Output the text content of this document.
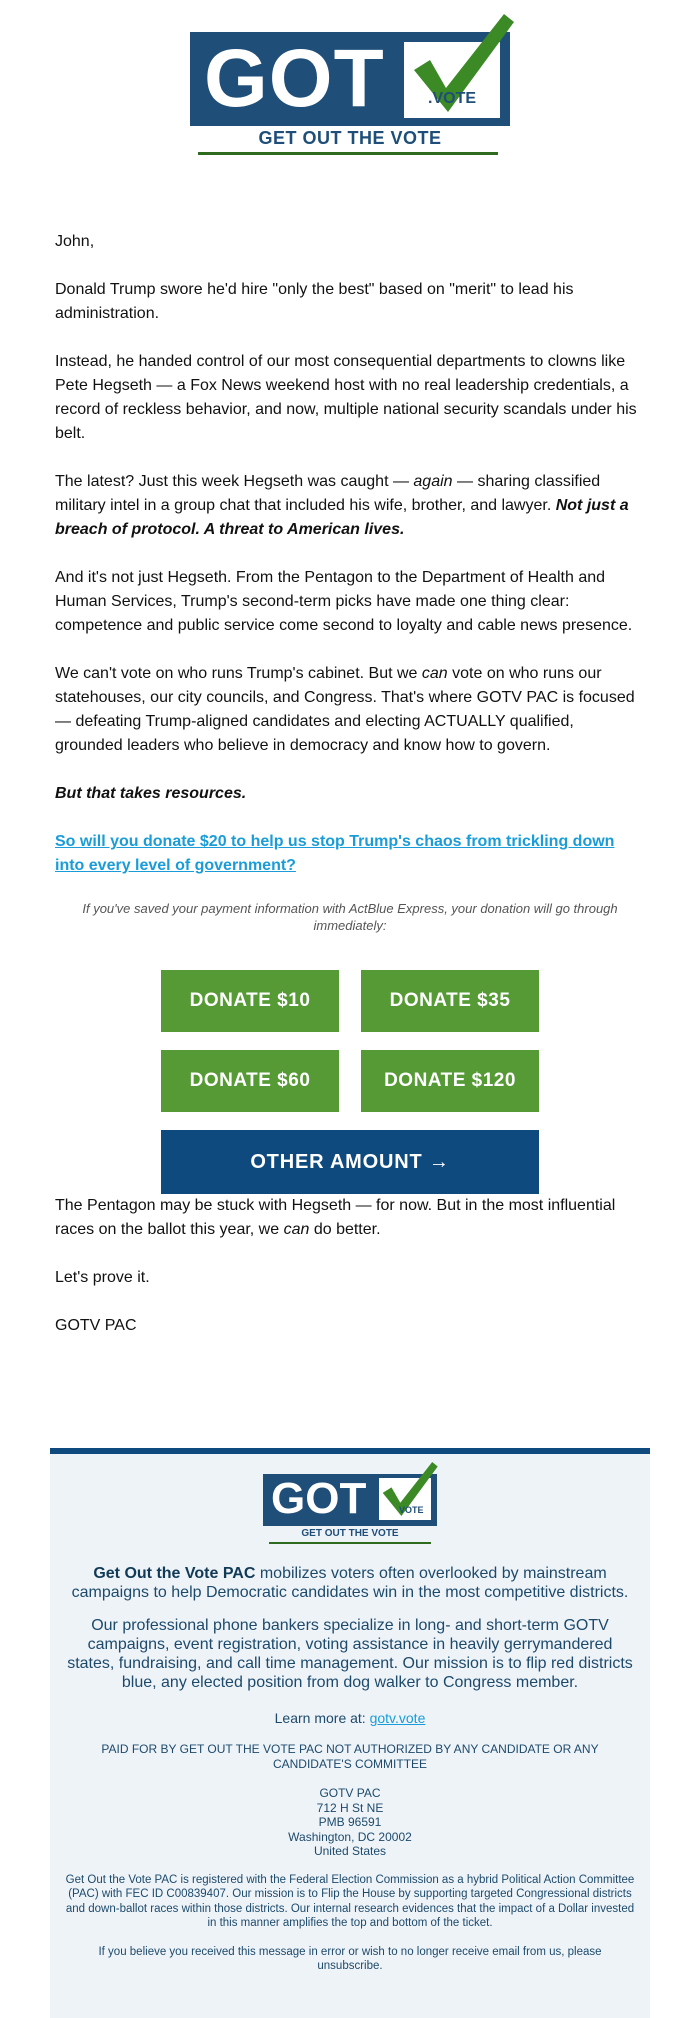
GOT	.VOTE
GET OUT THE VOTE

John,

Donald Trump swore he'd hire "only the best" based on "merit" to lead his administration.

Instead, he handed control of our most consequential departments to clowns like Pete Hegseth — a Fox News weekend host with no real leadership credentials, a record of reckless behavior, and now, multiple national security scandals under his belt.

The latest? Just this week Hegseth was caught — again — sharing classified military intel in a group chat that included his wife, brother, and lawyer. Not just a breach of protocol. A threat to American lives.

And it's not just Hegseth. From the Pentagon to the Department of Health and Human Services, Trump's second-term picks have made one thing clear: competence and public service come second to loyalty and cable news presence.

We can't vote on who runs Trump's cabinet. But we can vote on who runs our statehouses, our city councils, and Congress. That's where GOTV PAC is focused — defeating Trump-aligned candidates and electing ACTUALLY qualified, grounded leaders who believe in democracy and know how to govern.

But that takes resources.

So will you donate $20 to help us stop Trump's chaos from trickling down into every level of government?
If you've saved your payment information with ActBlue Express, your donation will go through immediately:
DONATE $10	DONATE $35
DONATE $60	DONATE $120
OTHER AMOUNT →

The Pentagon may be stuck with Hegseth — for now. But in the most influential races on the ballot this year, we can do better.

Let's prove it.

GOTV PAC

GOT	VOTE
GET OUT THE VOTE
Get Out the Vote PAC mobilizes voters often overlooked by mainstream campaigns to help Democratic candidates win in the most competitive districts.
Our professional phone bankers specialize in long- and short-term GOTV campaigns, event registration, voting assistance in heavily gerrymandered states, fundraising, and call time management. Our mission is to flip red districts blue, any elected position from dog walker to Congress member.
Learn more at: gotv.vote
PAID FOR BY GET OUT THE VOTE PAC NOT AUTHORIZED BY ANY CANDIDATE OR ANY CANDIDATE'S COMMITTEE
GOTV PAC
712 H St NE
PMB 96591
Washington, DC 20002
United States
Get Out the Vote PAC is registered with the Federal Election Commission as a hybrid Political Action Committee (PAC) with FEC ID C00839407. Our mission is to Flip the House by supporting targeted Congressional districts and down-ballot races within those districts. Our internal research evidences that the impact of a Dollar invested in this manner amplifies the top and bottom of the ticket.
If you believe you received this message in error or wish to no longer receive email from us, please unsubscribe.
